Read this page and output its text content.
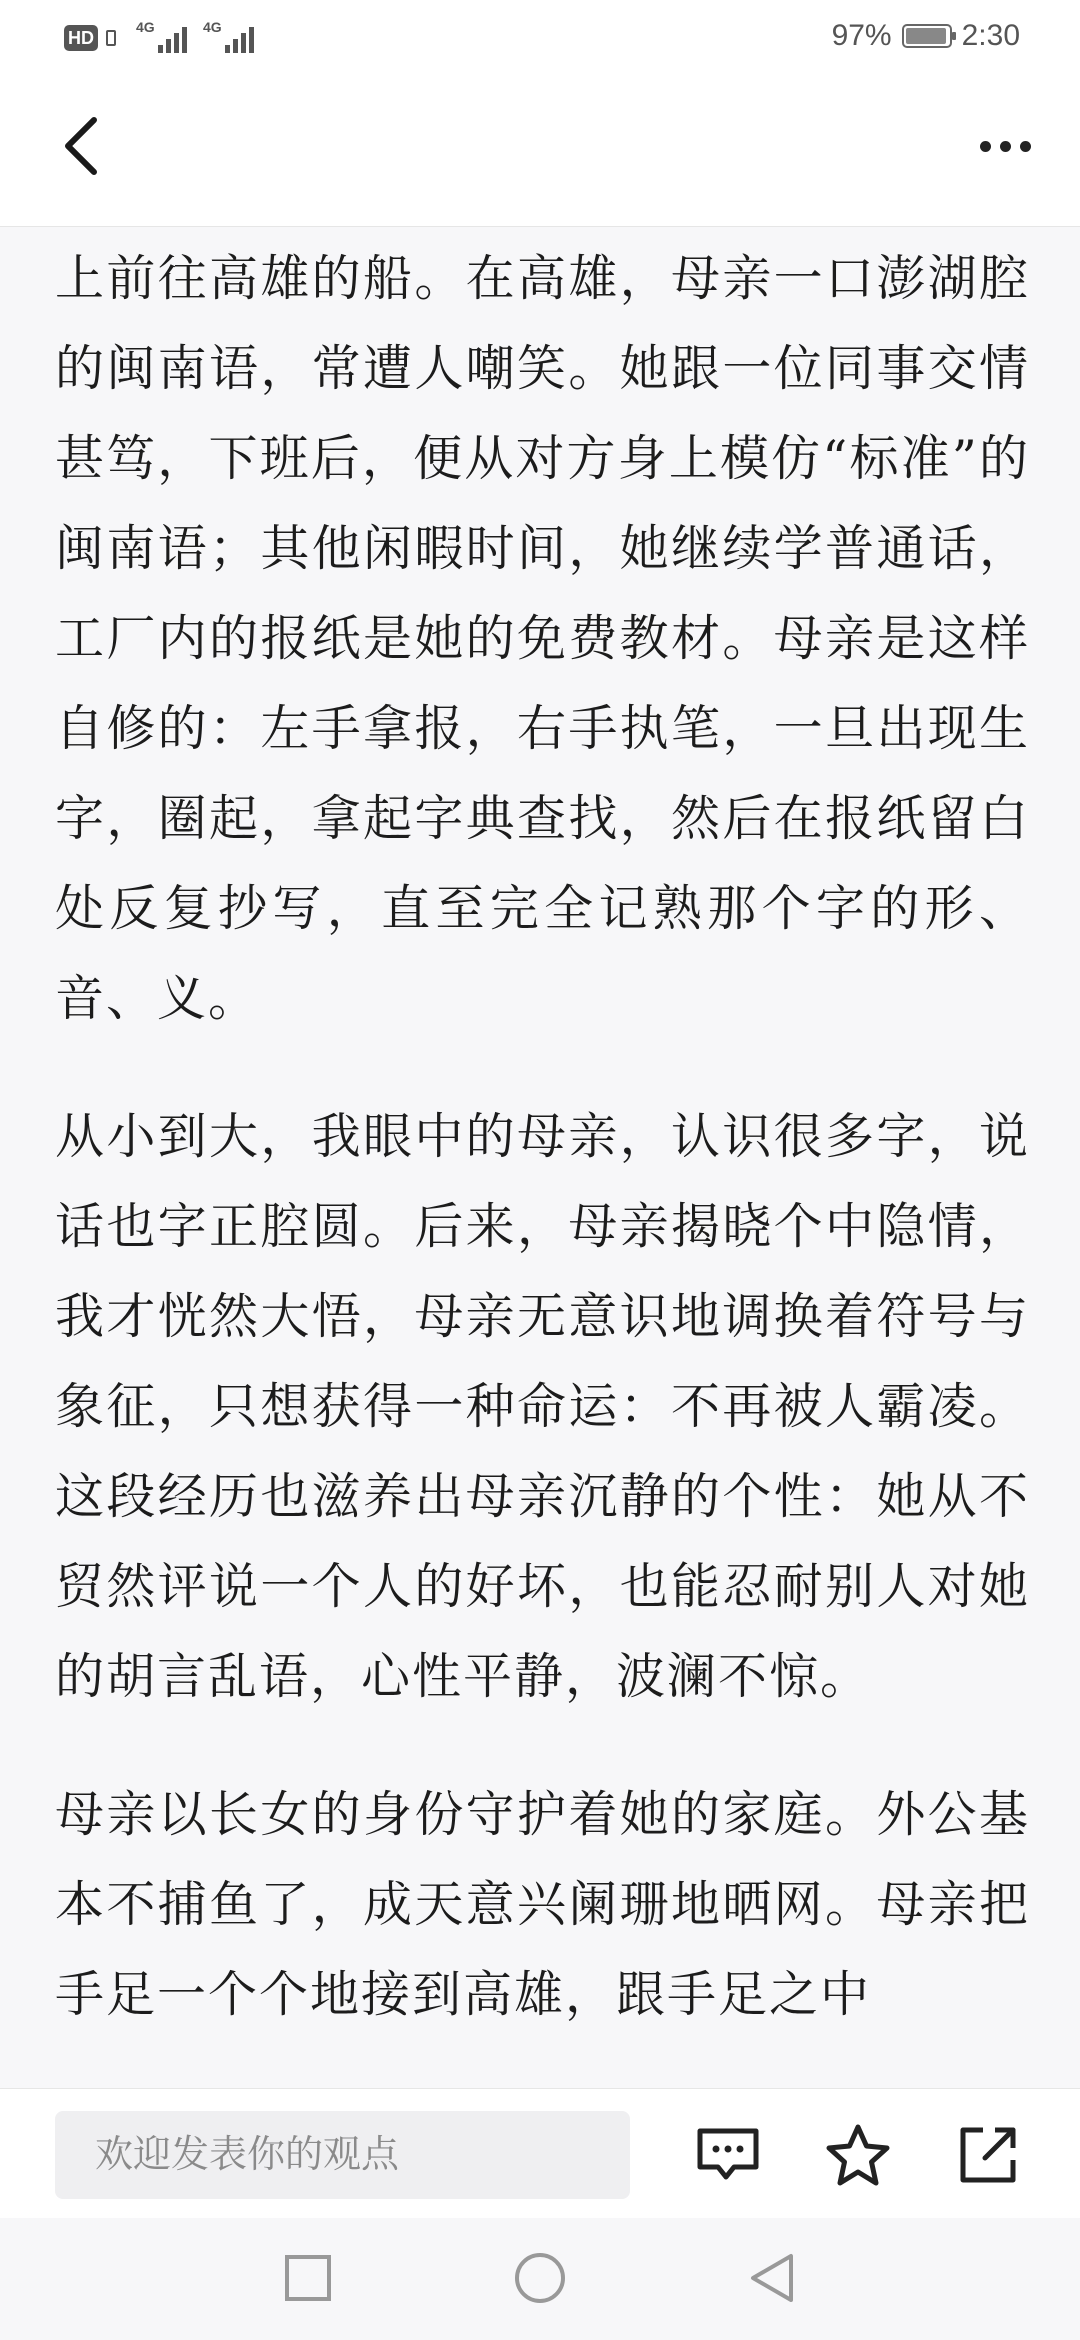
HD
4G	4G	97% 2:30

上前往高雄的船。在高雄，母亲一口澎湖腔的闽南语，常遭人嘲笑。她跟一位同事交情甚笃，下班后，便从对方身上模仿“标准”的闽南语；其他闲暇时间，她继续学普通话，工厂内的报纸是她的免费教材。母亲是这样自修的：左手拿报，右手执笔，一旦出现生字，圈起，拿起字典查找，然后在报纸留白处反复抄写，直至完全记熟那个字的形、音、义。

从小到大，我眼中的母亲，认识很多字，说话也字正腔圆。后来，母亲揭晓个中隐情，我才恍然大悟，母亲无意识地调换着符号与象征，只想获得一种命运：不再被人霸凌。这段经历也滋养出母亲沉静的个性：她从不贸然评说一个人的好坏，也能忍耐别人对她的胡言乱语，心性平静，波澜不惊。

母亲以长女的身份守护着她的家庭。外公基本不捕鱼了，成天意兴阑珊地晒网。母亲把手足一个个地接到高雄，跟手足之中

欢迎发表你的观点
